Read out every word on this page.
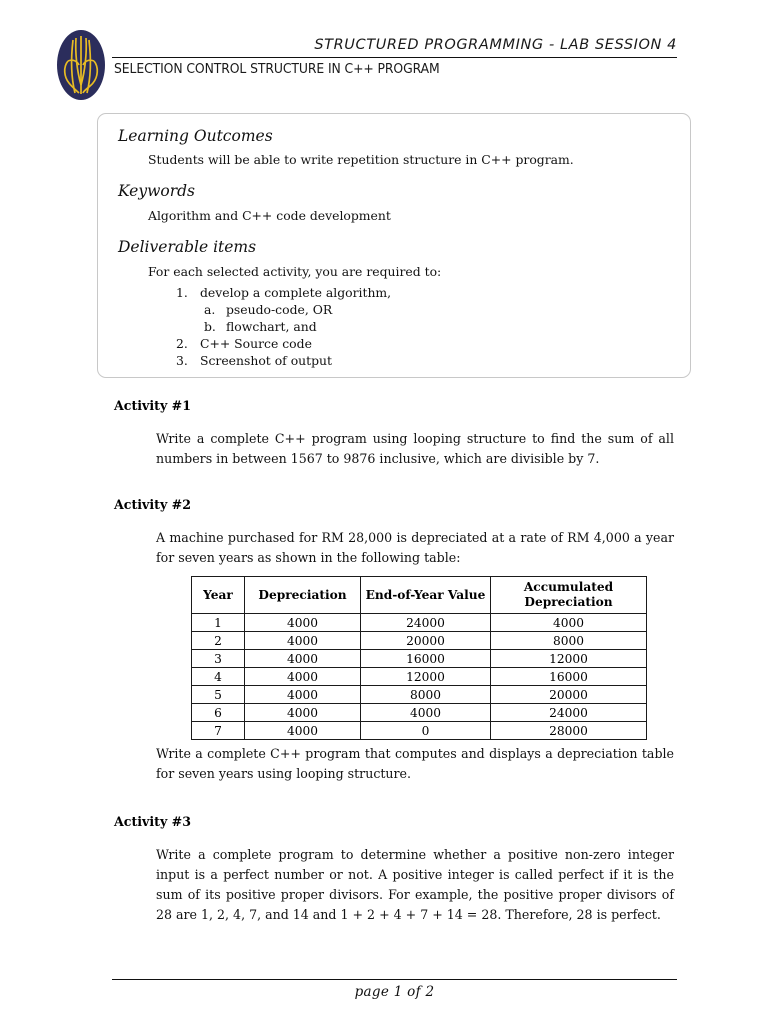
STRUCTURED PROGRAMMING - LAB SESSION 4
SELECTION CONTROL STRUCTURE IN C++ PROGRAM
Learning Outcomes
Students will be able to write repetition structure in C++ program.
Keywords
Algorithm and C++ code development
Deliverable items
For each selected activity, you are required to:
1. develop a complete algorithm,
a. pseudo-code, OR
b. flowchart, and
2. C++ Source code
3. Screenshot of output
Activity #1
Write a complete C++ program using looping structure to find the sum of all numbers in between 1567 to 9876 inclusive, which are divisible by 7.
Activity #2
A machine purchased for RM 28,000 is depreciated at a rate of RM 4,000 a year for seven years as shown in the following table:
Year	Depreciation	End-of-Year Value	Accumulated Depreciation
1	4000	24000	4000
2	4000	20000	8000
3	4000	16000	12000
4	4000	12000	16000
5	4000	8000	20000
6	4000	4000	24000
7	4000	0	28000
Write a complete C++ program that computes and displays a depreciation table for seven years using looping structure.
Activity #3
Write a complete program to determine whether a positive non-zero integer input is a perfect number or not. A positive integer is called perfect if it is the sum of its positive proper divisors. For example, the positive proper divisors of 28 are 1, 2, 4, 7, and 14 and 1 + 2 + 4 + 7 + 14 = 28. Therefore, 28 is perfect.
page 1 of 2
